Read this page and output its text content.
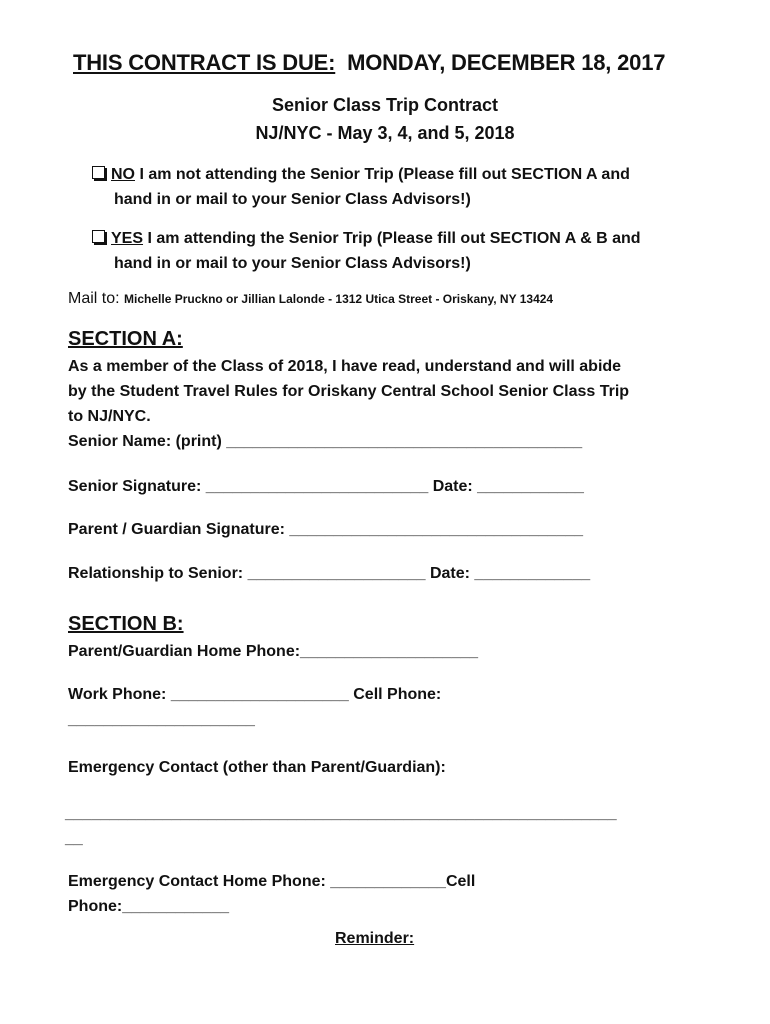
THIS CONTRACT IS DUE: MONDAY, DECEMBER 18, 2017
Senior Class Trip Contract
NJ/NYC - May 3, 4, and 5, 2018
NO I am not attending the Senior Trip (Please fill out SECTION A and
hand in or mail to your Senior Class Advisors!)
YES I am attending the Senior Trip (Please fill out SECTION A & B and
hand in or mail to your Senior Class Advisors!)
Mail to: Michelle Pruckno or Jillian Lalonde - 1312 Utica Street - Oriskany, NY 13424
SECTION A:
As a member of the Class of 2018, I have read, understand and will abide
by the Student Travel Rules for Oriskany Central School Senior Class Trip
to NJ/NYC.
Senior Name: (print) ________________________________________
Senior Signature: _________________________ Date: ____________
Parent / Guardian Signature: _________________________________
Relationship to Senior: ____________________ Date: _____________
SECTION B:
Parent/Guardian Home Phone:____________________
Work Phone: ____________________ Cell Phone:
_____________________
Emergency Contact (other than Parent/Guardian):
______________________________________________________________
__
Emergency Contact Home Phone: _____________Cell
Phone:____________
Reminder:
